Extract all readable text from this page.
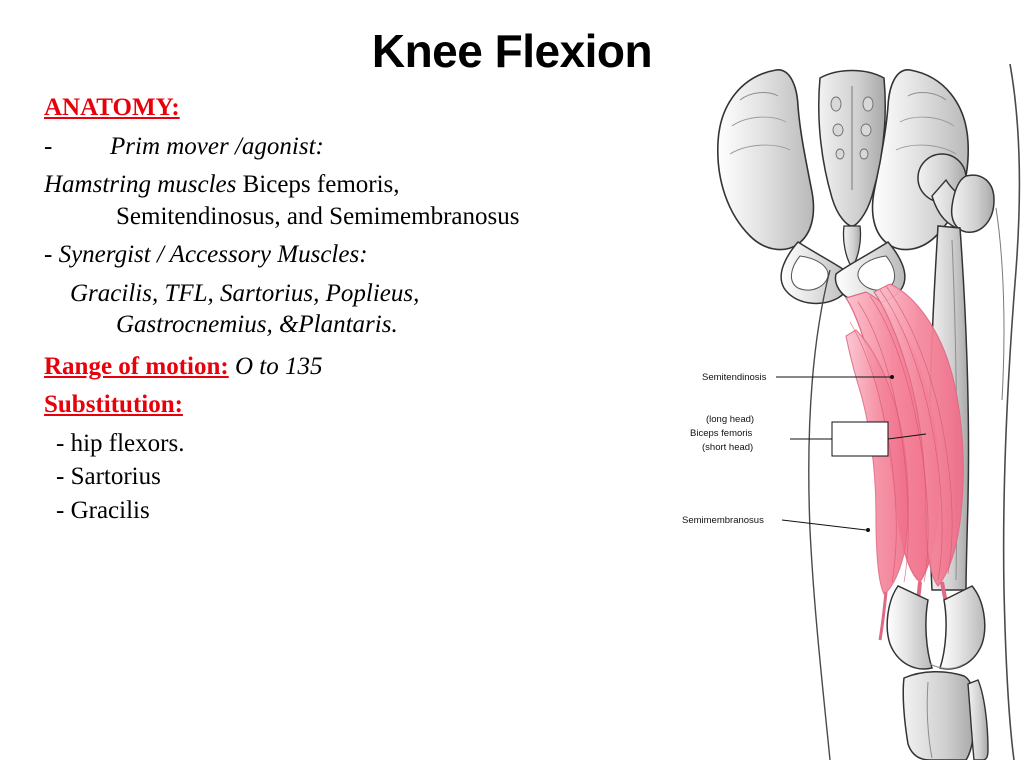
Knee Flexion

ANATOMY:

- Prim mover /agonist:

Hamstring muscles Biceps femoris,
Semitendinosus, and Semimembranosus

- Synergist / Accessory Muscles:

Gracilis, TFL, Sartorius, Poplieus,
Gastrocnemius, &Plantaris.

Range of motion: O to 135

Substitution:

- hip flexors.
- Sartorius
- Gracilis

Semitendinosis
(long head)
Biceps femoris
(short head)
Semimembranosus
